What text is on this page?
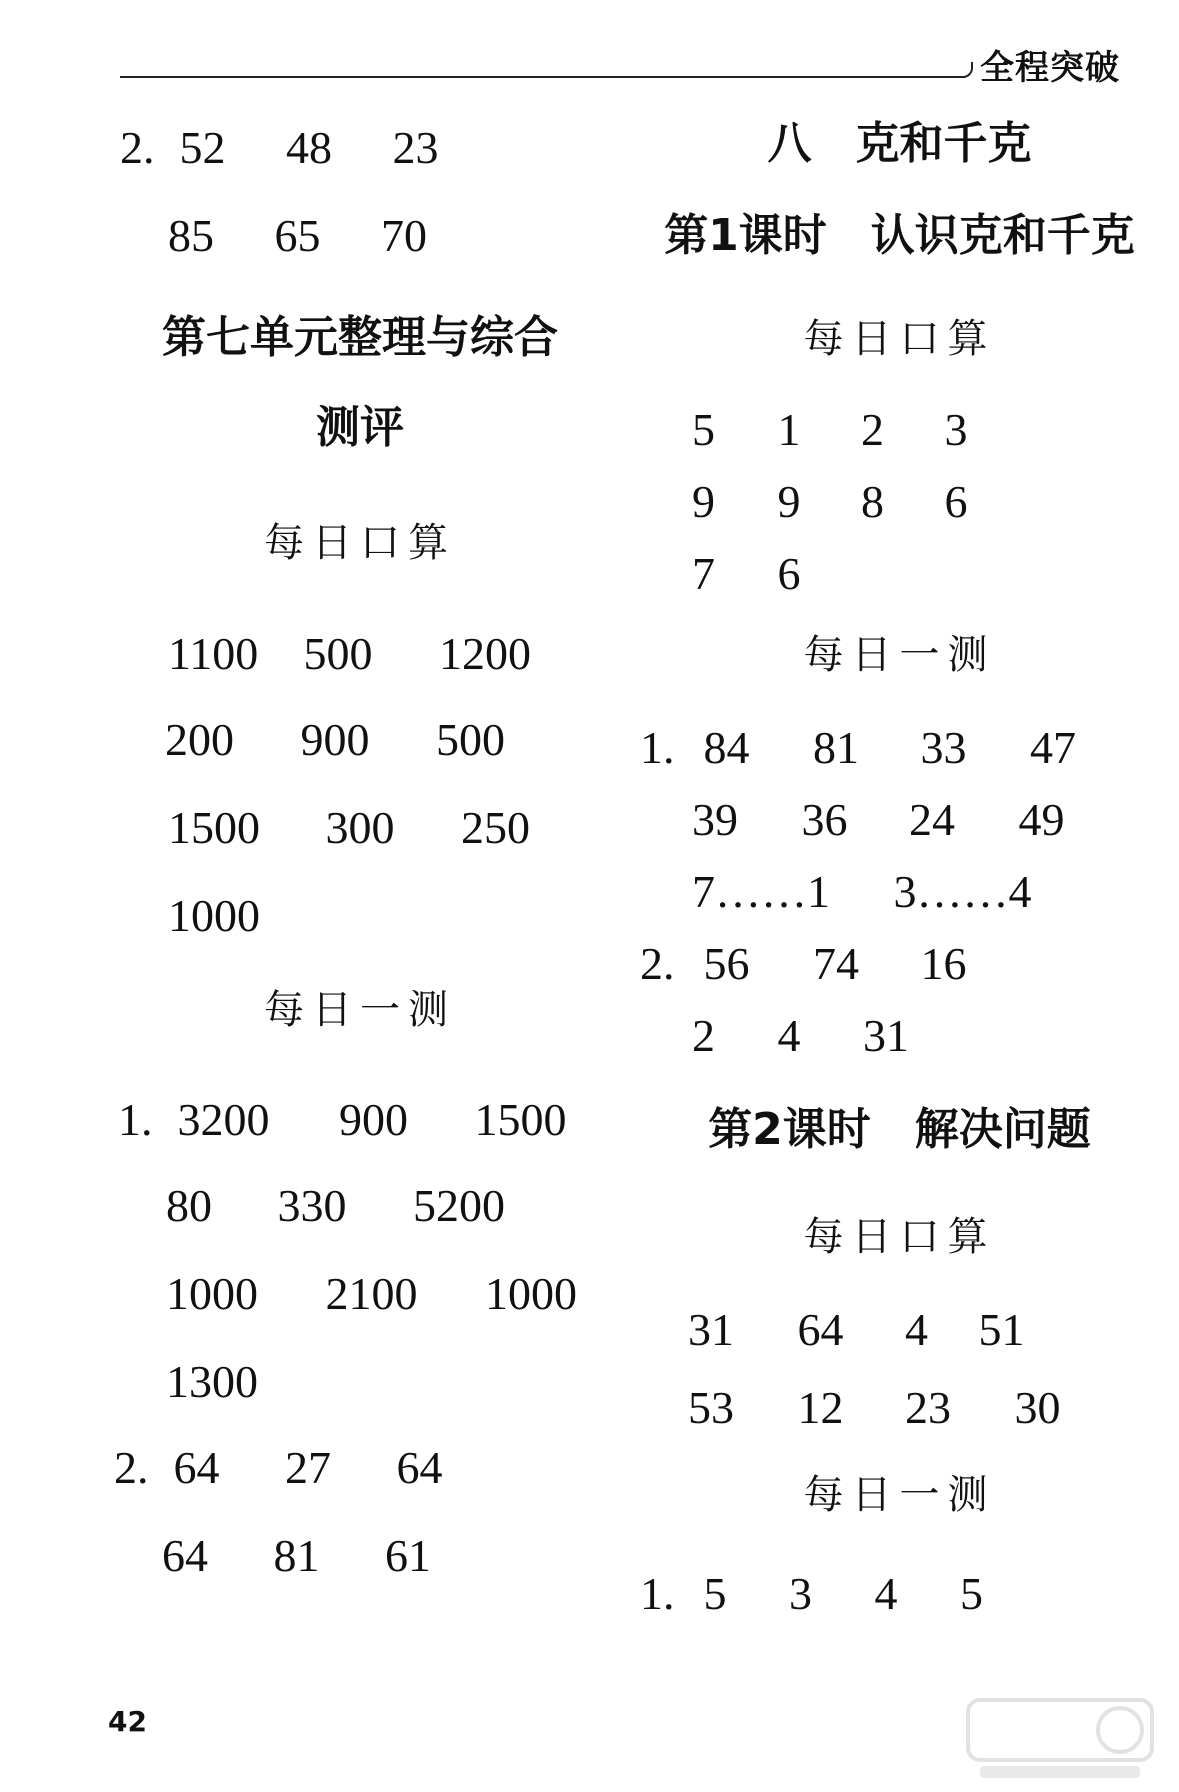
全程突破
2. 52 48 23
85 65 70
第七单元整理与综合
测评
每日口算
1100 500 1200
200 900 500
1500 300 250
1000
每日一测
1. 3200 900 1500
80 330 5200
1000 2100 1000
1300
2. 64 27 64
64 81 61
八　克和千克
第1课时　认识克和千克
每日口算
5 1 2 3
9 9 8 6
7 6
每日一测
1. 84 81 33 47
39 36 24 49
7……1 3……4
2. 56 74 16
2 4 31
第2课时　解决问题
每日口算
31 64 4 51
53 12 23 30
每日一测
1. 5 3 4 5
42
